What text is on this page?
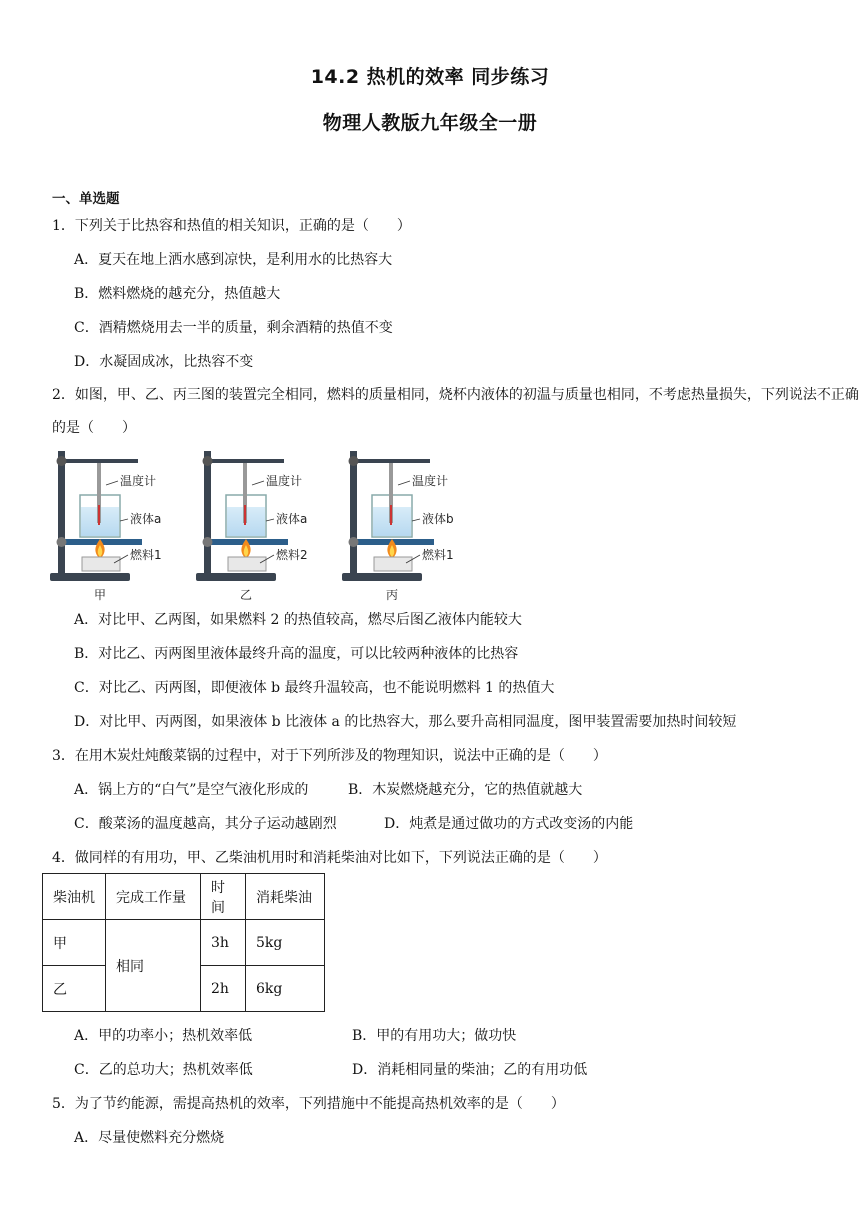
14.2 热机的效率 同步练习
物理人教版九年级全一册
一、单选题
1．下列关于比热容和热值的相关知识，正确的是（　　）
A．夏天在地上洒水感到凉快，是利用水的比热容大
B．燃料燃烧的越充分，热值越大
C．酒精燃烧用去一半的质量，剩余酒精的热值不变
D．水凝固成冰，比热容不变
2．如图，甲、乙、丙三图的装置完全相同，燃料的质量相同，烧杯内液体的初温与质量也相同，不考虑热量损失，下列说法不正确的是（　　）
温度计
液体a
燃料1
甲
温度计
液体a
燃料2
乙
温度计
液体b
燃料1
丙
A．对比甲、乙两图，如果燃料 2 的热值较高，燃尽后图乙液体内能较大
B．对比乙、丙两图里液体最终升高的温度，可以比较两种液体的比热容
C．对比乙、丙两图，即便液体 b 最终升温较高，也不能说明燃料 1 的热值大
D．对比甲、丙两图，如果液体 b 比液体 a 的比热容大，那么要升高相同温度，图甲装置需要加热时间较短
3．在用木炭灶炖酸菜锅的过程中，对于下列所涉及的物理知识，说法中正确的是（　　）
A．锅上方的“白气”是空气液化形成的	B．木炭燃烧越充分，它的热值就越大
C．酸菜汤的温度越高，其分子运动越剧烈	D．炖煮是通过做功的方式改变汤的内能
4．做同样的有用功，甲、乙柴油机用时和消耗柴油对比如下，下列说法正确的是（　　）
柴油机	完成工作量	时间	消耗柴油
甲	相同	3h	5kg
乙		2h	6kg
A．甲的功率小；热机效率低	B．甲的有用功大；做功快
C．乙的总功大；热机效率低	D．消耗相同量的柴油；乙的有用功低
5．为了节约能源，需提高热机的效率，下列措施中不能提高热机效率的是（　　）
A．尽量使燃料充分燃烧
